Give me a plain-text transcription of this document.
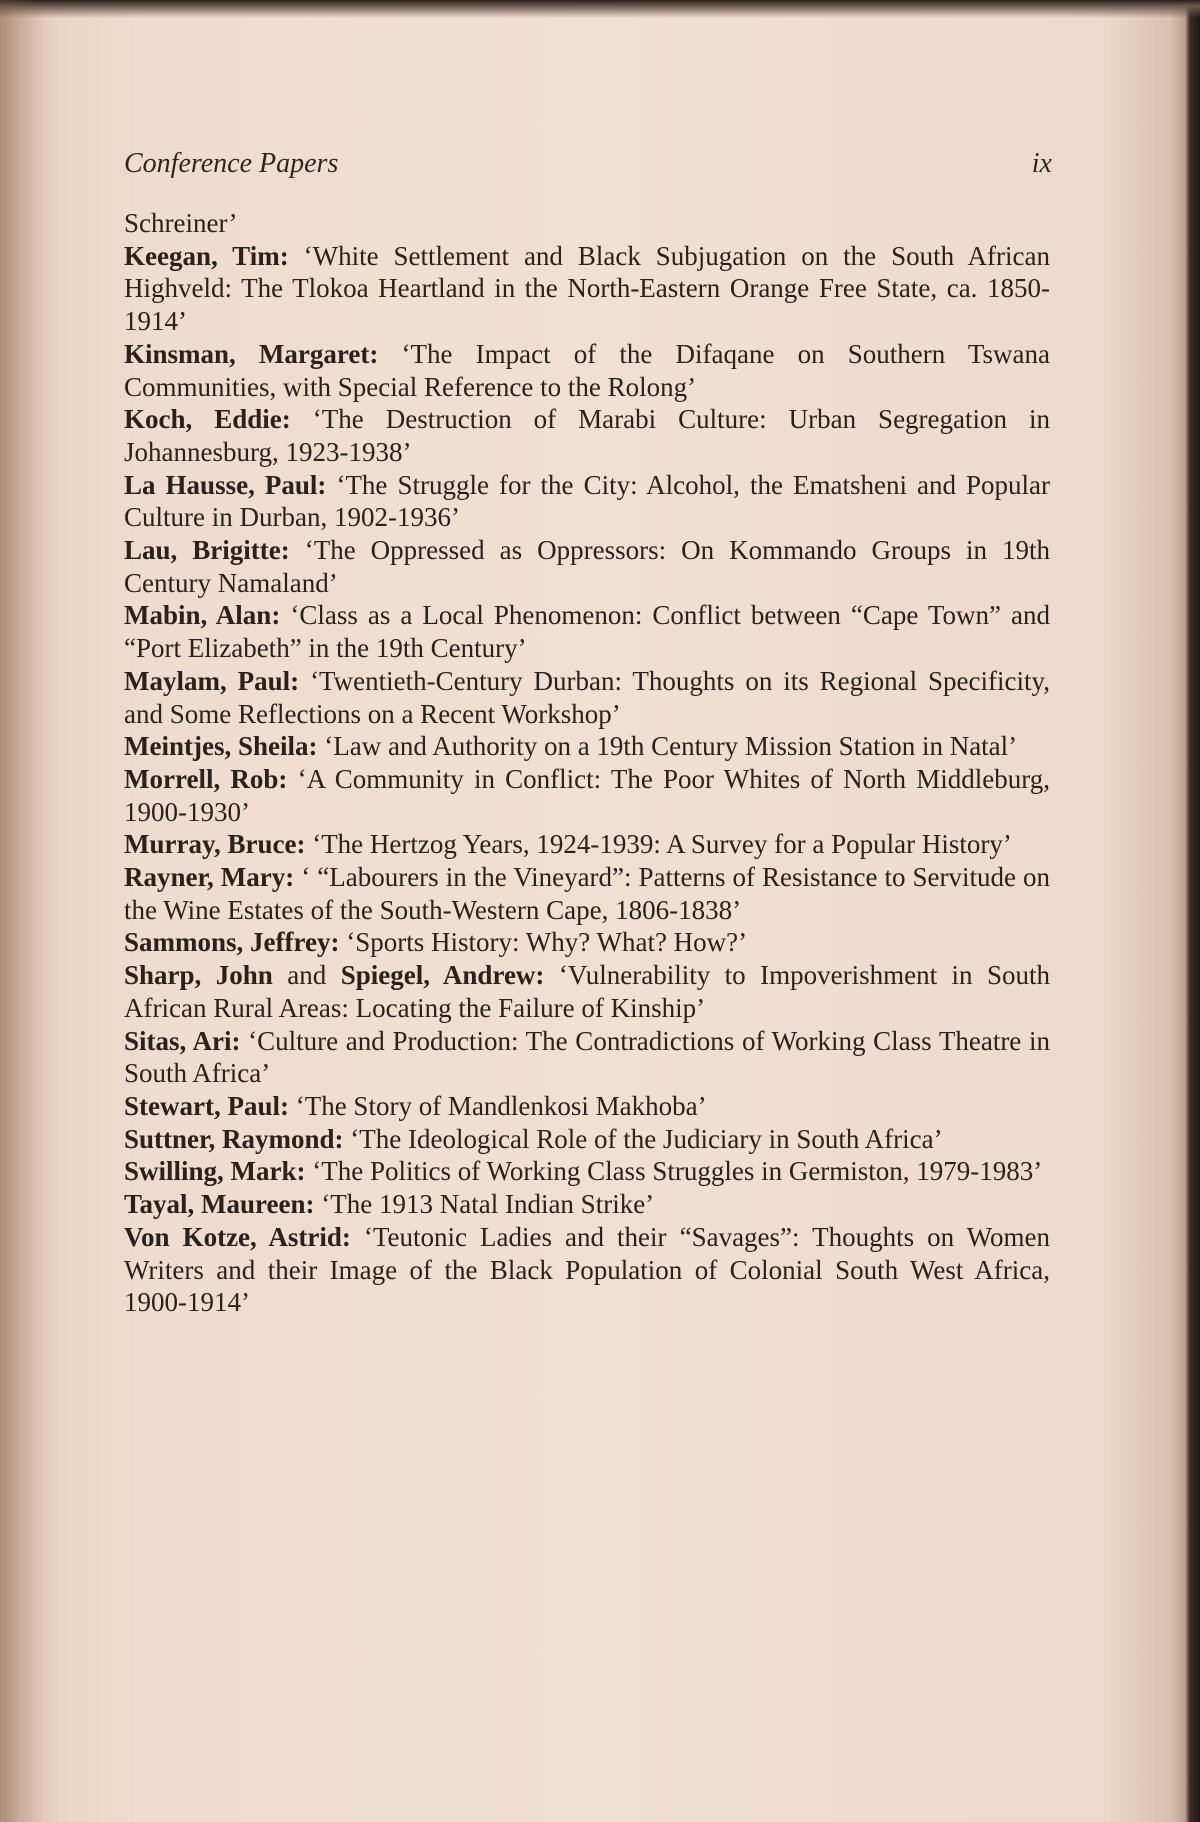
Conference Papers	ix

Schreiner’

Keegan, Tim: ‘White Settlement and Black Subjugation on the South African Highveld: The Tlokoa Heartland in the North-Eastern Orange Free State, ca. 1850-1914’

Kinsman, Margaret: ‘The Impact of the Difaqane on Southern Tswana Communities, with Special Reference to the Rolong’

Koch, Eddie: ‘The Destruction of Marabi Culture: Urban Segregation in Johannesburg, 1923-1938’

La Hausse, Paul: ‘The Struggle for the City: Alcohol, the Ematsheni and Popular Culture in Durban, 1902-1936’

Lau, Brigitte: ‘The Oppressed as Oppressors: On Kommando Groups in 19th Century Namaland’

Mabin, Alan: ‘Class as a Local Phenomenon: Conflict between “Cape Town” and “Port Elizabeth” in the 19th Century’

Maylam, Paul: ‘Twentieth-Century Durban: Thoughts on its Regional Specificity, and Some Reflections on a Recent Workshop’

Meintjes, Sheila: ‘Law and Authority on a 19th Century Mission Station in Natal’

Morrell, Rob: ‘A Community in Conflict: The Poor Whites of North Middleburg, 1900-1930’

Murray, Bruce: ‘The Hertzog Years, 1924-1939: A Survey for a Popular History’

Rayner, Mary: ‘ “Labourers in the Vineyard”: Patterns of Resistance to Servitude on the Wine Estates of the South-Western Cape, 1806-1838’

Sammons, Jeffrey: ‘Sports History: Why? What? How?’

Sharp, John and Spiegel, Andrew: ‘Vulnerability to Impoverishment in South African Rural Areas: Locating the Failure of Kinship’

Sitas, Ari: ‘Culture and Production: The Contradictions of Working Class Theatre in South Africa’

Stewart, Paul: ‘The Story of Mandlenkosi Makhoba’

Suttner, Raymond: ‘The Ideological Role of the Judiciary in South Africa’

Swilling, Mark: ‘The Politics of Working Class Struggles in Germiston, 1979-1983’

Tayal, Maureen: ‘The 1913 Natal Indian Strike’

Von Kotze, Astrid: ‘Teutonic Ladies and their “Savages”: Thoughts on Women Writers and their Image of the Black Population of Colonial South West Africa, 1900-1914’
